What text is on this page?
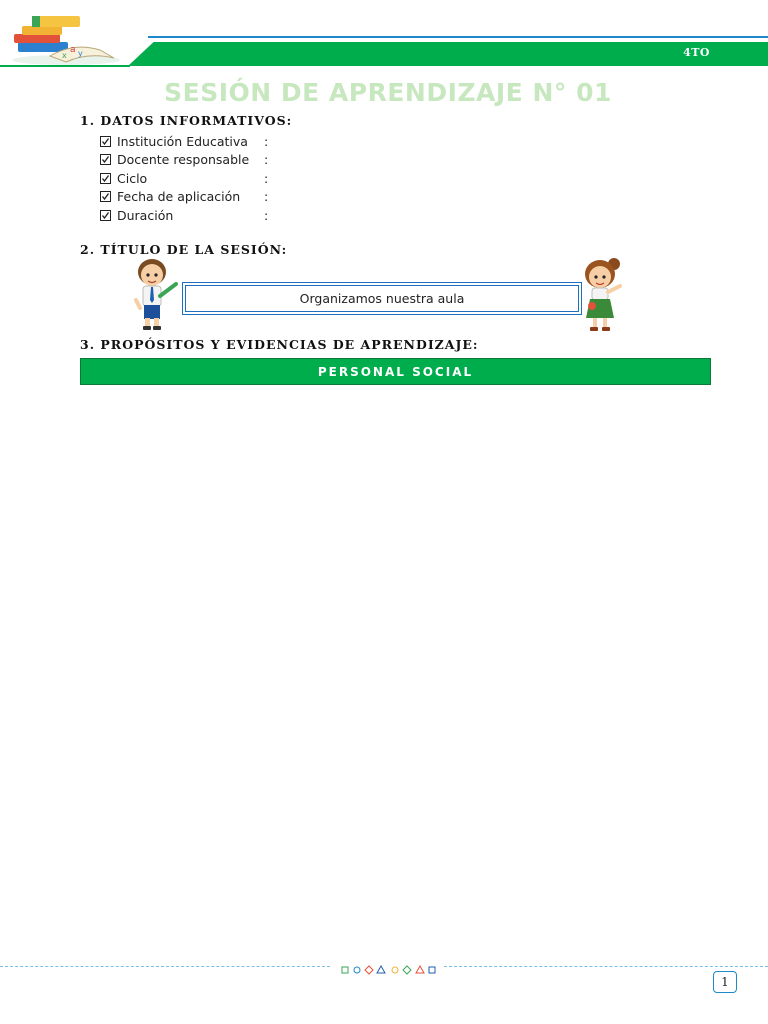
a y
x	4TO
SESIÓN DE APRENDIZAJE N° 01
1. DATOS INFORMATIVOS:
Institución Educativa	:
Docente responsable	:
Ciclo	:
Fecha de aplicación	:
Duración	:
2. TÍTULO DE LA SESIÓN:
Organizamos nuestra aula
3. PROPÓSITOS Y EVIDENCIAS DE APRENDIZAJE:
PERSONAL SOCIAL
1
